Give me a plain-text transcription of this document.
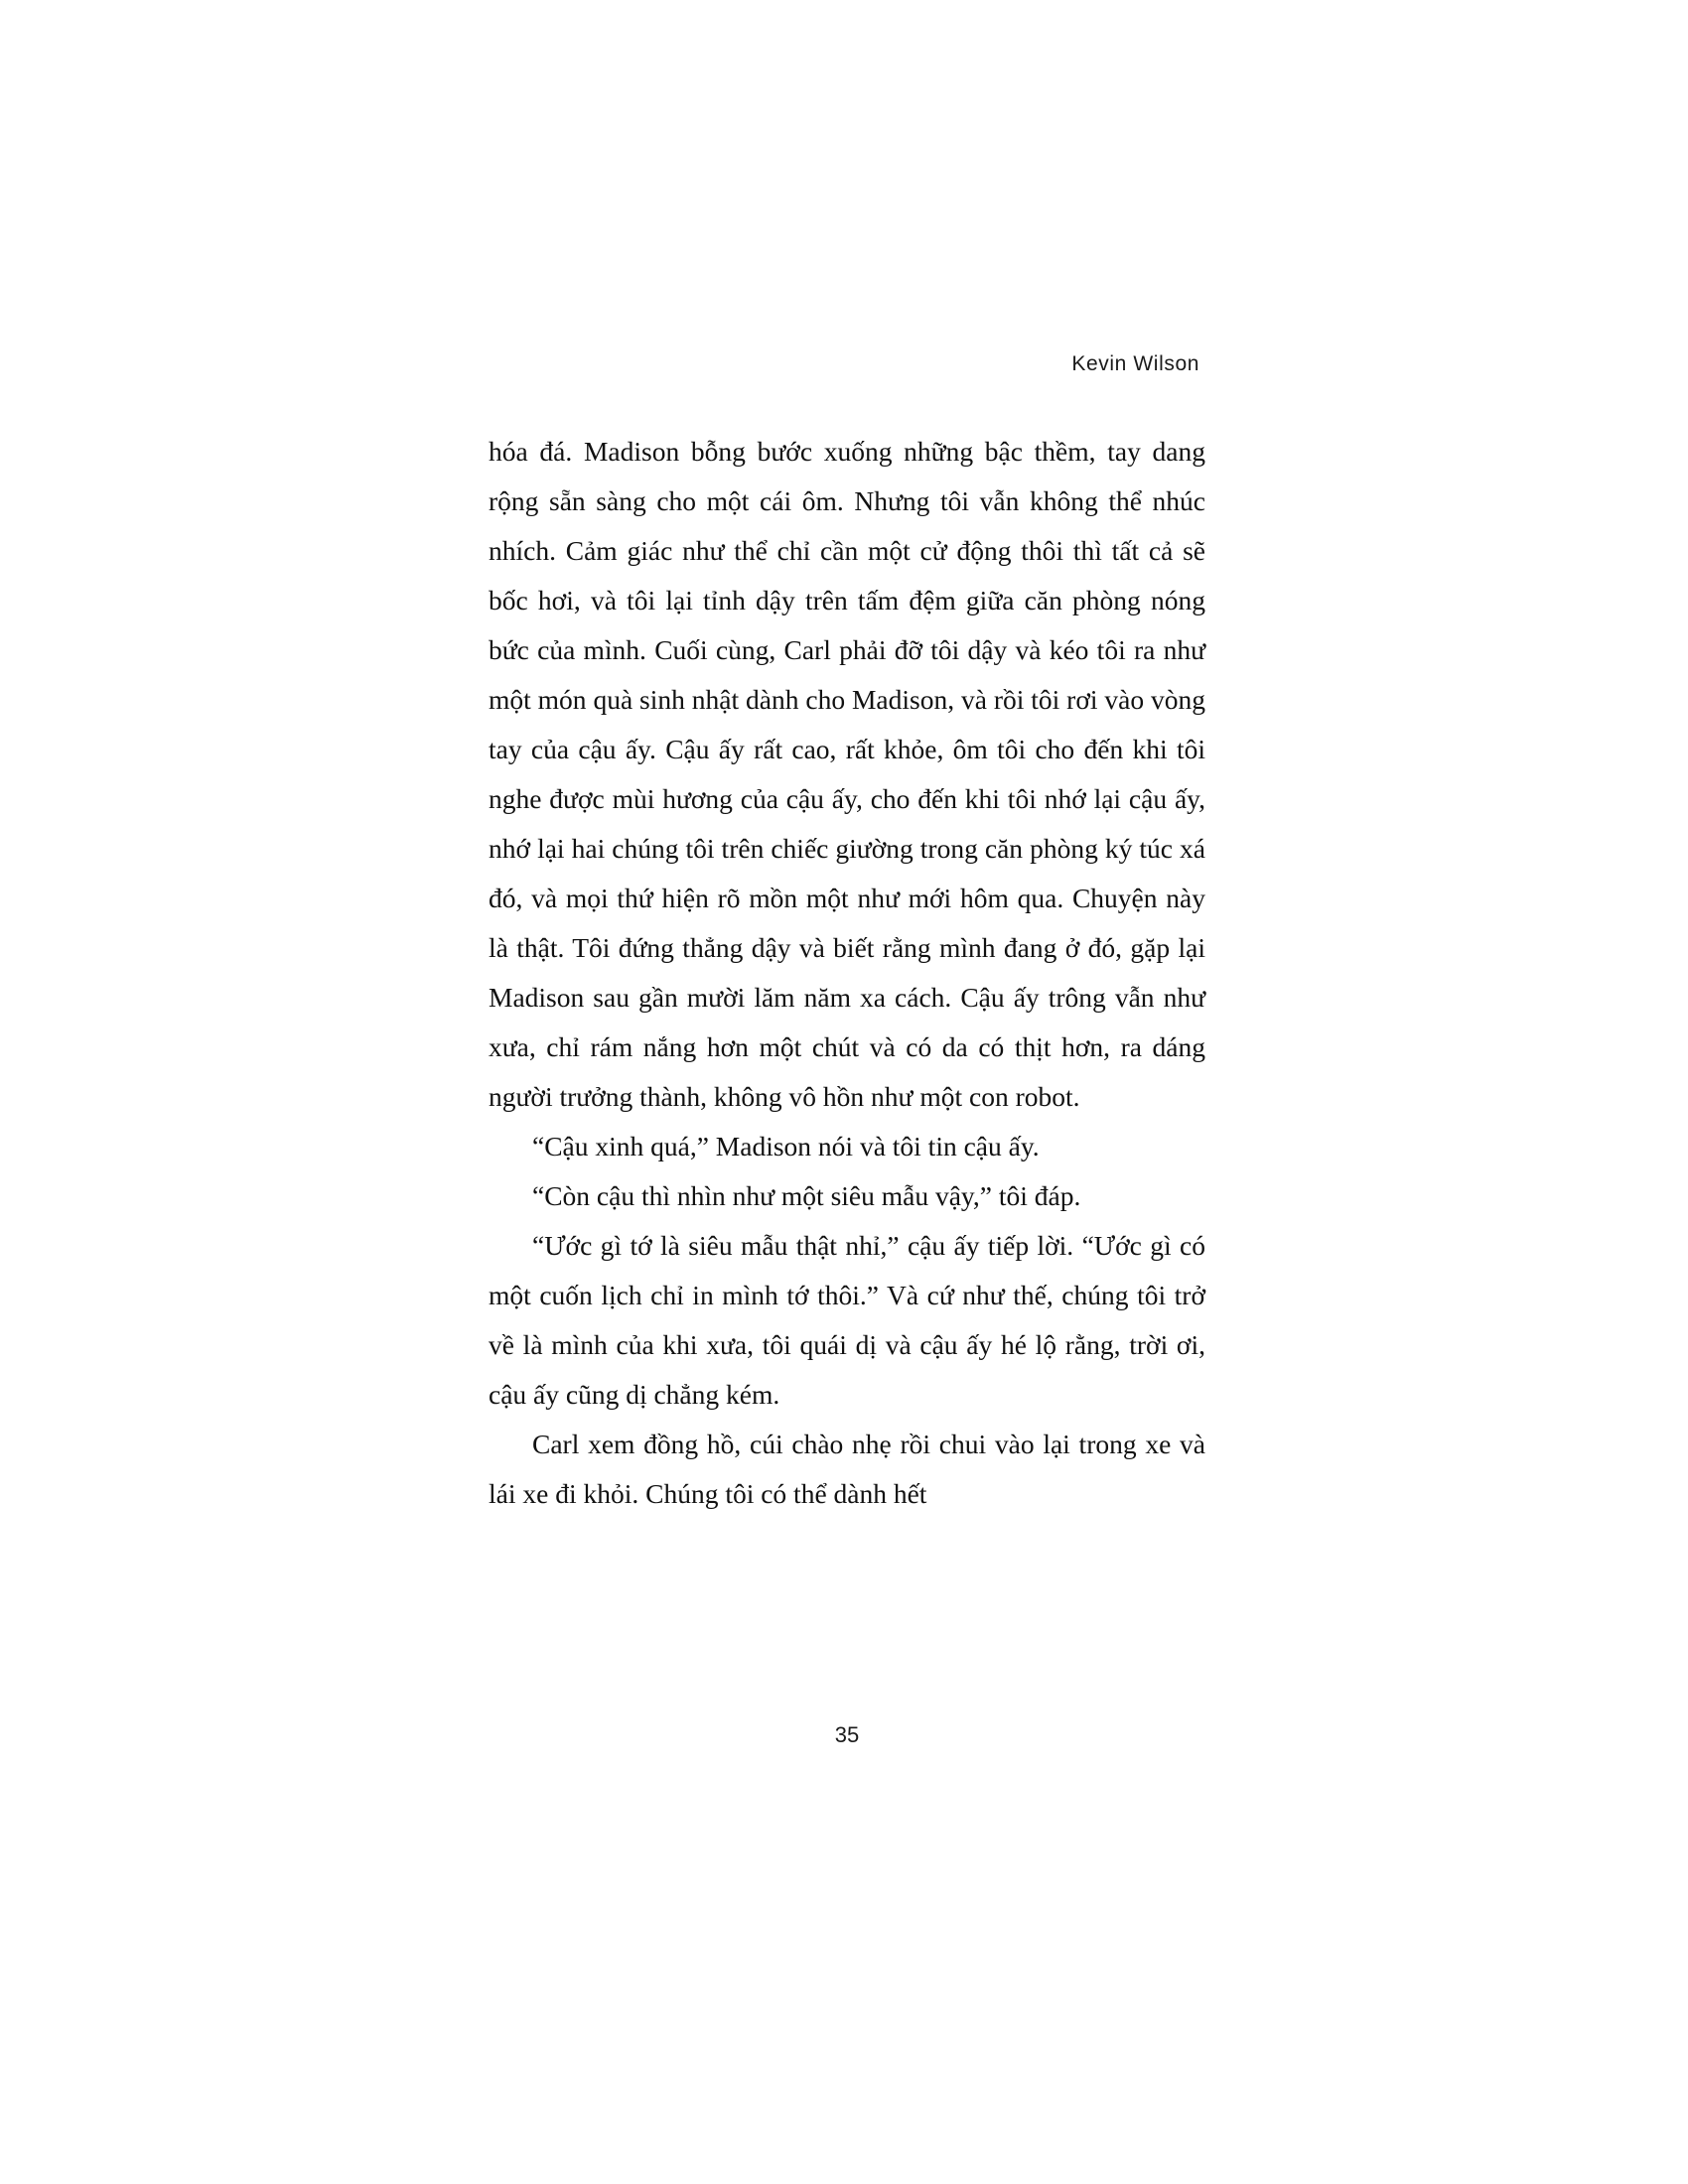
Kevin Wilson

hóa đá. Madison bỗng bước xuống những bậc thềm, tay dang rộng sẵn sàng cho một cái ôm. Nhưng tôi vẫn không thể nhúc nhích. Cảm giác như thể chỉ cần một cử động thôi thì tất cả sẽ bốc hơi, và tôi lại tỉnh dậy trên tấm đệm giữa căn phòng nóng bức của mình. Cuối cùng, Carl phải đỡ tôi dậy và kéo tôi ra như một món quà sinh nhật dành cho Madison, và rồi tôi rơi vào vòng tay của cậu ấy. Cậu ấy rất cao, rất khỏe, ôm tôi cho đến khi tôi nghe được mùi hương của cậu ấy, cho đến khi tôi nhớ lại cậu ấy, nhớ lại hai chúng tôi trên chiếc giường trong căn phòng ký túc xá đó, và mọi thứ hiện rõ mồn một như mới hôm qua. Chuyện này là thật. Tôi đứng thẳng dậy và biết rằng mình đang ở đó, gặp lại Madison sau gần mười lăm năm xa cách. Cậu ấy trông vẫn như xưa, chỉ rám nắng hơn một chút và có da có thịt hơn, ra dáng người trưởng thành, không vô hồn như một con robot.

“Cậu xinh quá,” Madison nói và tôi tin cậu ấy.

“Còn cậu thì nhìn như một siêu mẫu vậy,” tôi đáp.

“Ước gì tớ là siêu mẫu thật nhỉ,” cậu ấy tiếp lời. “Ước gì có một cuốn lịch chỉ in mình tớ thôi.” Và cứ như thế, chúng tôi trở về là mình của khi xưa, tôi quái dị và cậu ấy hé lộ rằng, trời ơi, cậu ấy cũng dị chẳng kém.

Carl xem đồng hồ, cúi chào nhẹ rồi chui vào lại trong xe và lái xe đi khỏi. Chúng tôi có thể dành hết

35
